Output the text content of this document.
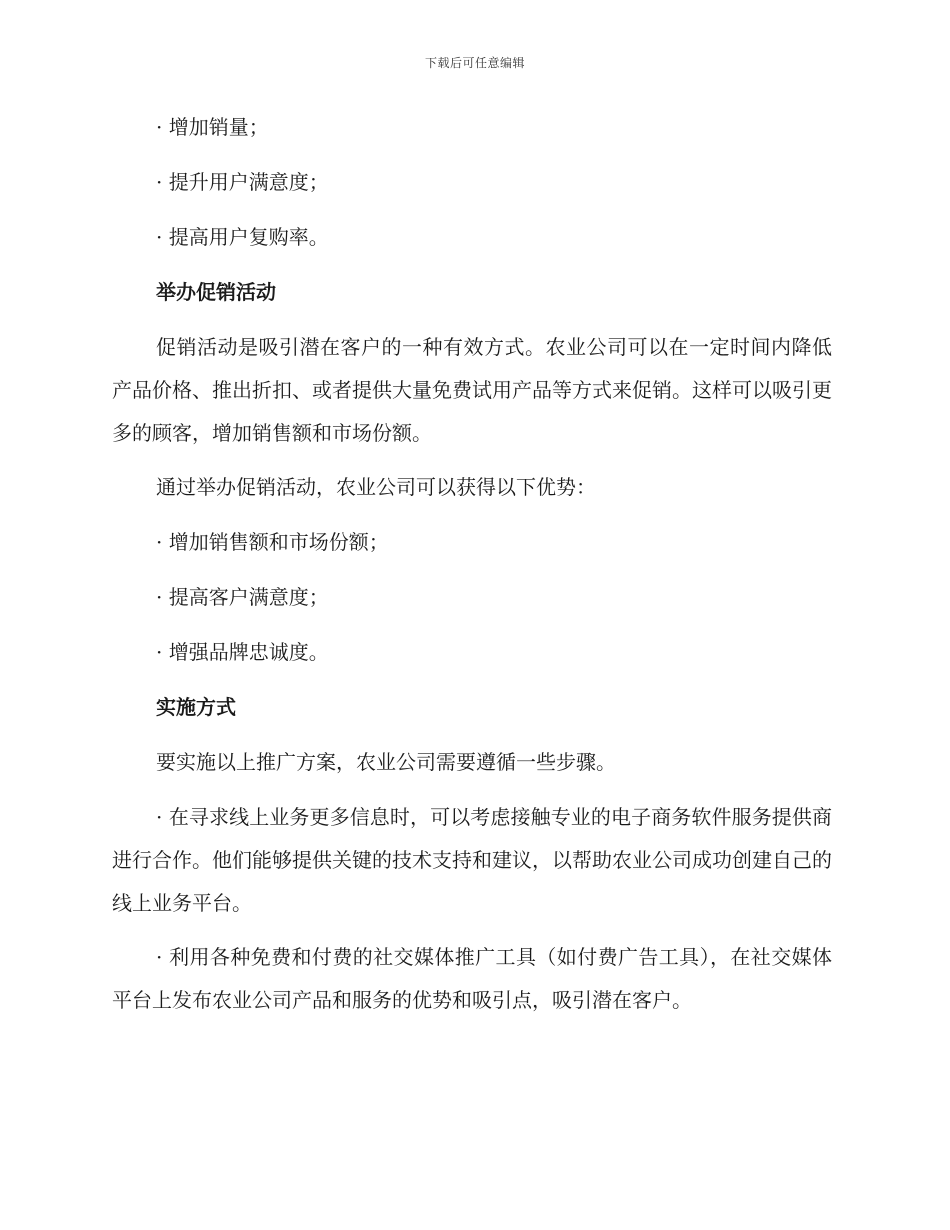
下载后可任意编辑

· 增加销量；

· 提升用户满意度；

· 提高用户复购率。

举办促销活动

促销活动是吸引潜在客户的一种有效方式。农业公司可以在一定时间内降低产品价格、推出折扣、或者提供大量免费试用产品等方式来促销。这样可以吸引更多的顾客，增加销售额和市场份额。

通过举办促销活动，农业公司可以获得以下优势：

· 增加销售额和市场份额；

· 提高客户满意度；

· 增强品牌忠诚度。

实施方式

要实施以上推广方案，农业公司需要遵循一些步骤。

· 在寻求线上业务更多信息时，可以考虑接触专业的电子商务软件服务提供商进行合作。他们能够提供关键的技术支持和建议，以帮助农业公司成功创建自己的线上业务平台。

· 利用各种免费和付费的社交媒体推广工具（如付费广告工具），在社交媒体平台上发布农业公司产品和服务的优势和吸引点，吸引潜在客户。
